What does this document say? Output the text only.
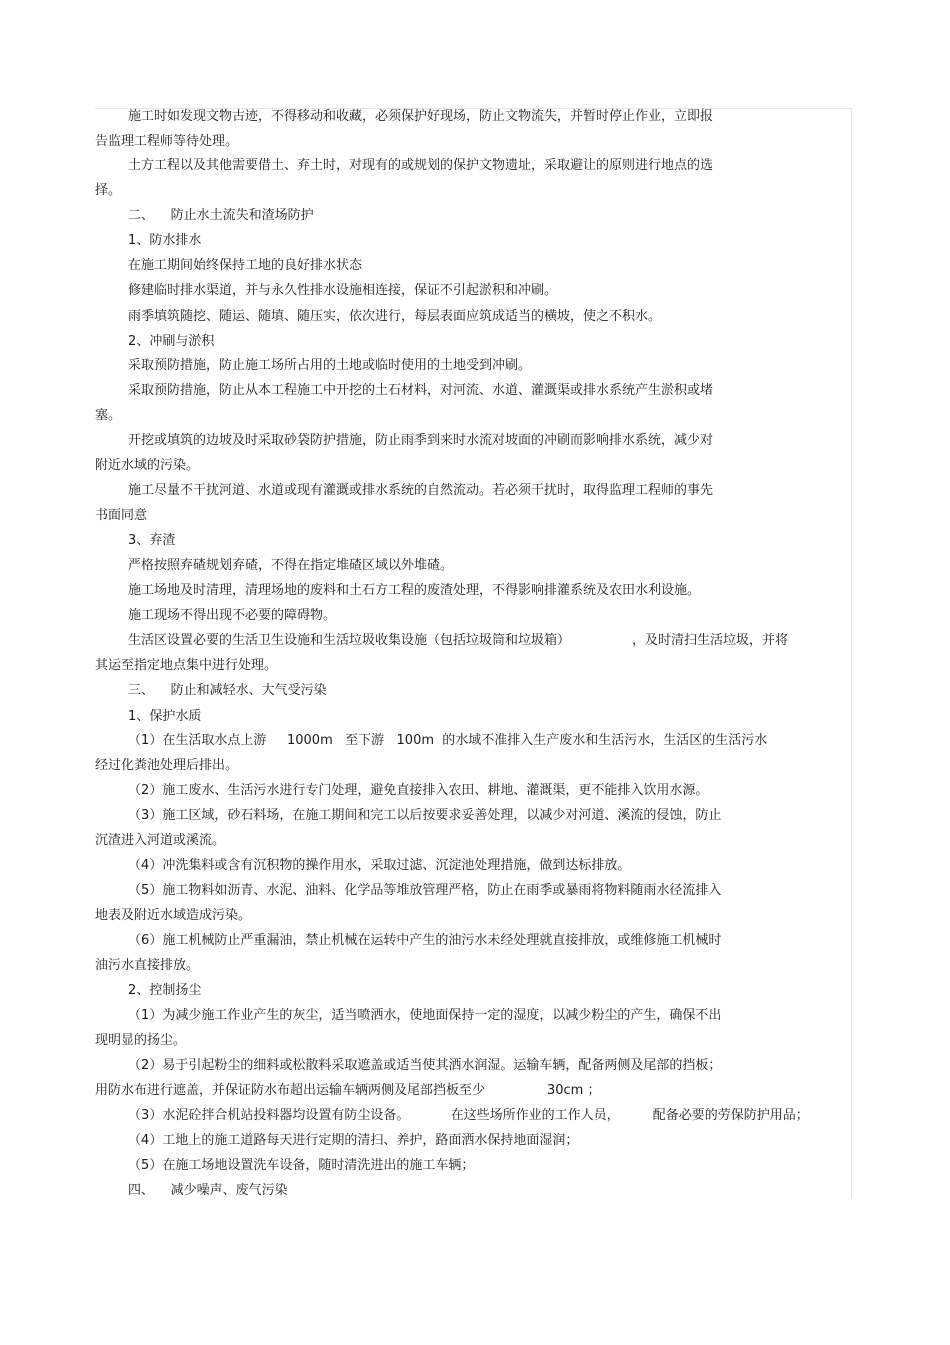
施工时如发现文物古迹，不得移动和收藏，必须保护好现场，防止文物流失，并暂时停止作业，立即报
告监理工程师等待处理。
土方工程以及其他需要借土、弃土时，对现有的或规划的保护文物遗址，采取避让的原则进行地点的选
择。
二、    防止水土流失和渣场防护
1、防水排水
在施工期间始终保持工地的良好排水状态
修建临时排水渠道，并与永久性排水设施相连接，保证不引起淤积和冲刷。
雨季填筑随挖、随运、随填、随压实，依次进行，每层表面应筑成适当的横坡，使之不积水。
2、冲刷与淤积
采取预防措施，防止施工场所占用的土地或临时使用的土地受到冲刷。
采取预防措施，防止从本工程施工中开挖的土石材料，对河流、水道、灌溉渠或排水系统产生淤积或堵
塞。
开挖或填筑的边坡及时采取砂袋防护措施，防止雨季到来时水流对坡面的冲刷而影响排水系统，减少对
附近水域的污染。
施工尽量不干扰河道、水道或现有灌溉或排水系统的自然流动。若必须干扰时，取得监理工程师的事先
书面同意
3、弃渣
严格按照弃碴规划弃碴，不得在指定堆碴区域以外堆碴。
施工场地及时清理，清理场地的废料和土石方工程的废渣处理，不得影响排灌系统及农田水利设施。
施工现场不得出现不必要的障碍物。
生活区设置必要的生活卫生设施和生活垃圾收集设施（包括垃圾筒和垃圾箱）               ，及时清扫生活垃圾，并将
其运至指定地点集中进行处理。
三、    防止和减轻水、大气受污染
1、保护水质
（1）在生活取水点上游     1000m   至下游   100m  的水域不准排入生产废水和生活污水，生活区的生活污水
经过化粪池处理后排出。
（2）施工废水、生活污水进行专门处理，避免直接排入农田、耕地、灌溉渠，更不能排入饮用水源。
（3）施工区域，砂石料场，在施工期间和完工以后按要求妥善处理，以减少对河道、溪流的侵蚀，防止
沉渣进入河道或溪流。
（4）冲洗集料或含有沉积物的操作用水，采取过滤、沉淀池处理措施，做到达标排放。
（5）施工物料如沥青、水泥、油料、化学品等堆放管理严格，防止在雨季或暴雨将物料随雨水径流排入
地表及附近水域造成污染。
（6）施工机械防止严重漏油，禁止机械在运转中产生的油污水未经处理就直接排放，或维修施工机械时
油污水直接排放。
2、控制扬尘
（1）为减少施工作业产生的灰尘，适当喷洒水，使地面保持一定的湿度，以减少粉尘的产生，确保不出
现明显的扬尘。
（2）易于引起粉尘的细料或松散料采取遮盖或适当使其洒水润湿。运输车辆，配备两侧及尾部的挡板；
用防水布进行遮盖，并保证防水布超出运输车辆两侧及尾部挡板至少               30cm ；
（3）水泥砼拌合机站投料器均设置有防尘设备。          在这些场所作业的工作人员，        配备必要的劳保防护用品；
（4）工地上的施工道路每天进行定期的清扫、养护，路面洒水保持地面湿润；
（5）在施工场地设置洗车设备，随时清洗进出的施工车辆；
四、    减少噪声、废气污染
